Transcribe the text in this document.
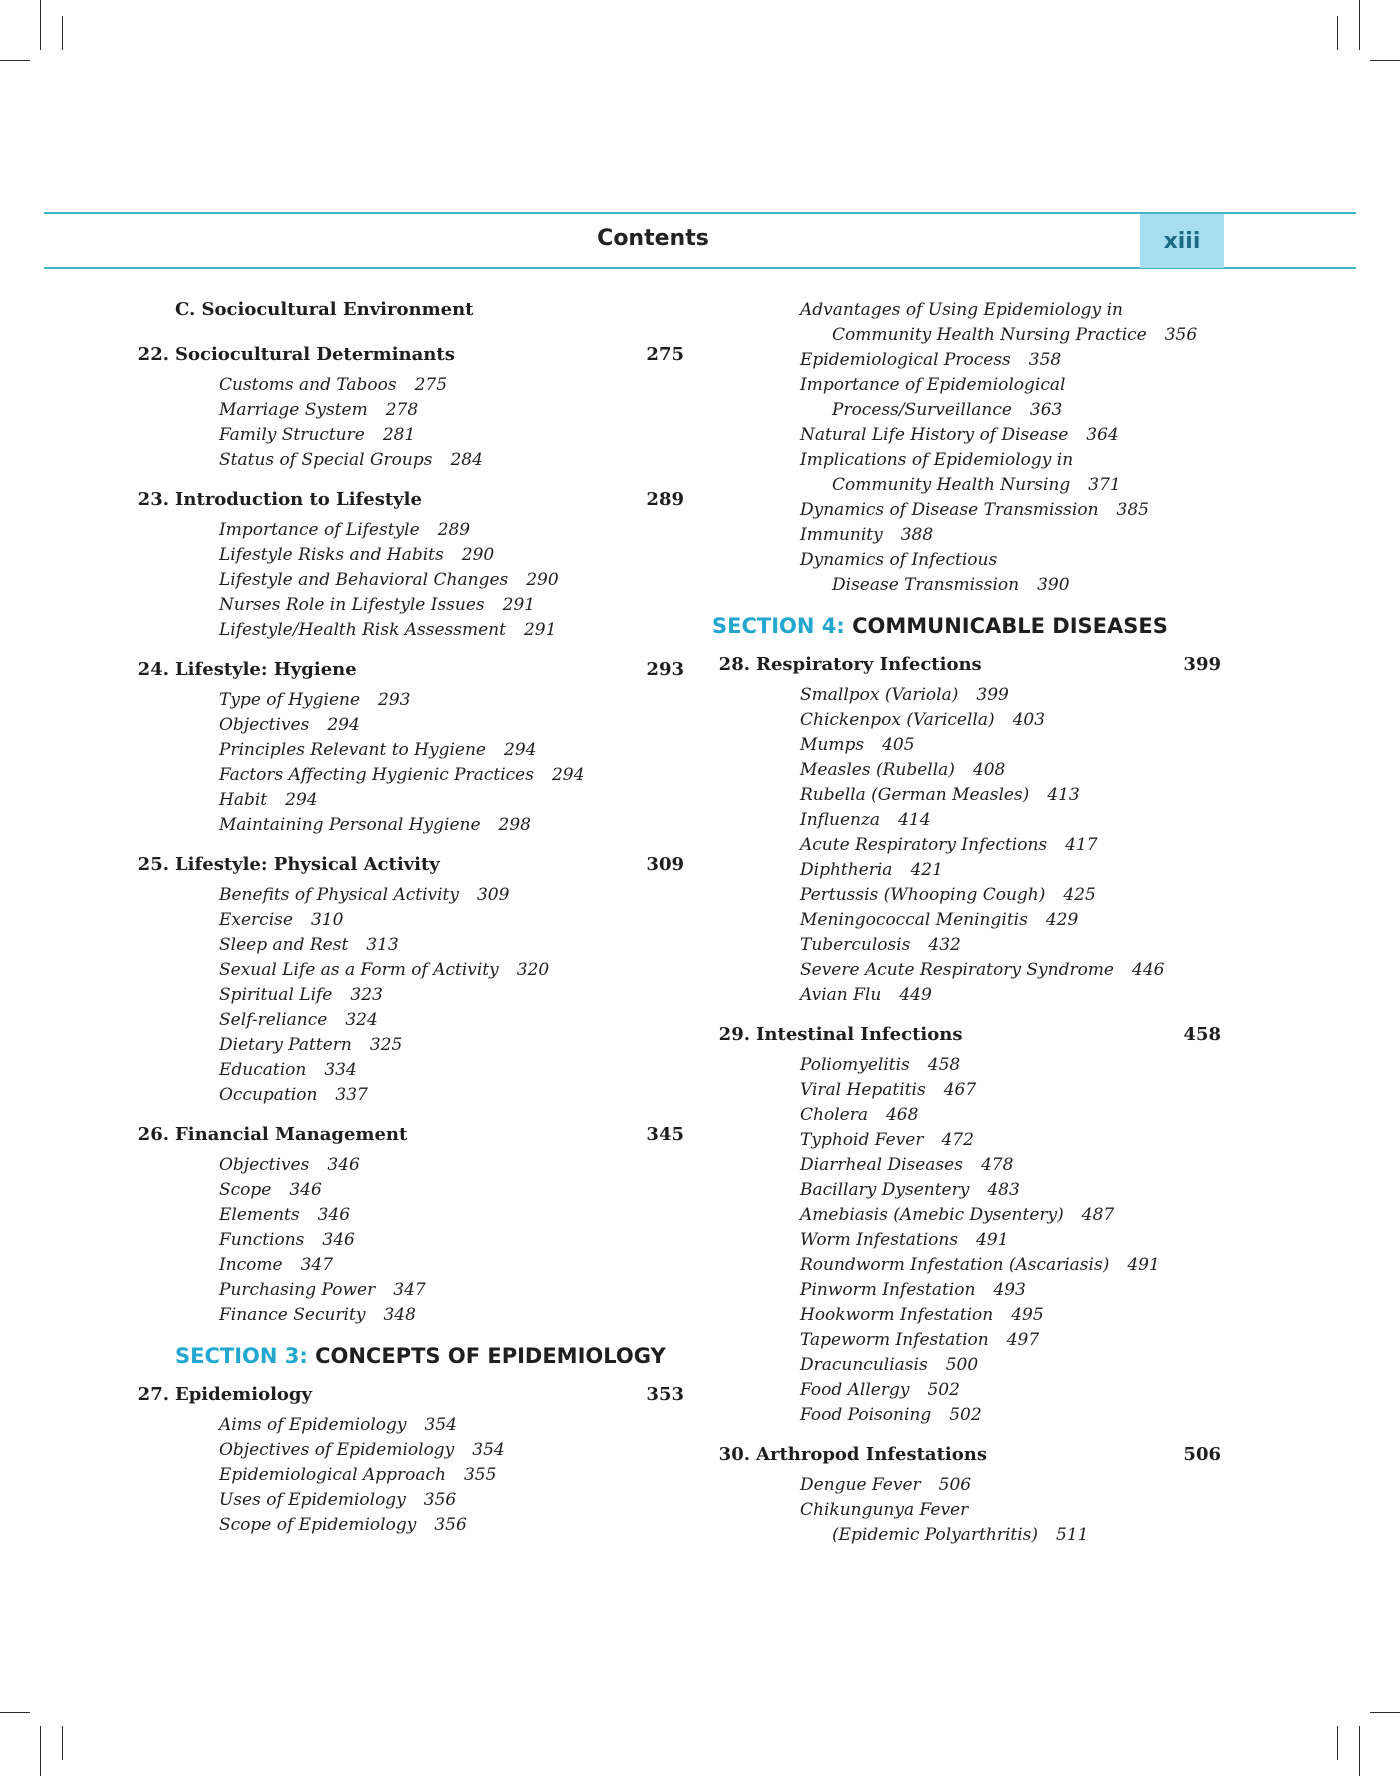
Contents	xiii
C. Sociocultural Environment
22. Sociocultural Determinants	275
Customs and Taboos 275
Marriage System 278
Family Structure 281
Status of Special Groups 284
23. Introduction to Lifestyle	289
Importance of Lifestyle 289
Lifestyle Risks and Habits 290
Lifestyle and Behavioral Changes 290
Nurses Role in Lifestyle Issues 291
Lifestyle/Health Risk Assessment 291
24. Lifestyle: Hygiene	293
Type of Hygiene 293
Objectives 294
Principles Relevant to Hygiene 294
Factors Affecting Hygienic Practices 294
Habit 294
Maintaining Personal Hygiene 298
25. Lifestyle: Physical Activity	309
Benefits of Physical Activity 309
Exercise 310
Sleep and Rest 313
Sexual Life as a Form of Activity 320
Spiritual Life 323
Self-reliance 324
Dietary Pattern 325
Education 334
Occupation 337
26. Financial Management	345
Objectives 346
Scope 346
Elements 346
Functions 346
Income 347
Purchasing Power 347
Finance Security 348
SECTION 3: CONCEPTS OF EPIDEMIOLOGY
27. Epidemiology	353
Aims of Epidemiology 354
Objectives of Epidemiology 354
Epidemiological Approach 355
Uses of Epidemiology 356
Scope of Epidemiology 356
Advantages of Using Epidemiology in
Community Health Nursing Practice 356
Epidemiological Process 358
Importance of Epidemiological
Process/Surveillance 363
Natural Life History of Disease 364
Implications of Epidemiology in
Community Health Nursing 371
Dynamics of Disease Transmission 385
Immunity 388
Dynamics of Infectious
Disease Transmission 390
SECTION 4: COMMUNICABLE DISEASES
28. Respiratory Infections	399
Smallpox (Variola) 399
Chickenpox (Varicella) 403
Mumps 405
Measles (Rubella) 408
Rubella (German Measles) 413
Influenza 414
Acute Respiratory Infections 417
Diphtheria 421
Pertussis (Whooping Cough) 425
Meningococcal Meningitis 429
Tuberculosis 432
Severe Acute Respiratory Syndrome 446
Avian Flu 449
29. Intestinal Infections	458
Poliomyelitis 458
Viral Hepatitis 467
Cholera 468
Typhoid Fever 472
Diarrheal Diseases 478
Bacillary Dysentery 483
Amebiasis (Amebic Dysentery) 487
Worm Infestations 491
Roundworm Infestation (Ascariasis) 491
Pinworm Infestation 493
Hookworm Infestation 495
Tapeworm Infestation 497
Dracunculiasis 500
Food Allergy 502
Food Poisoning 502
30. Arthropod Infestations	506
Dengue Fever 506
Chikungunya Fever
(Epidemic Polyarthritis) 511
